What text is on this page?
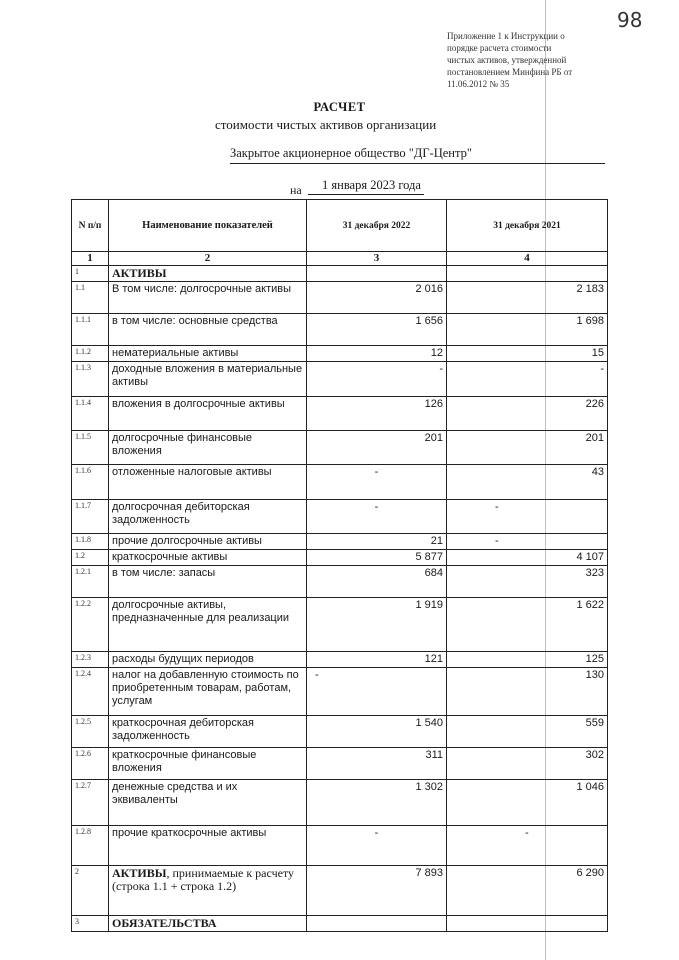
98
Приложение 1 к Инструкции о
порядке расчета стоимости
чистых активов, утвержденной
постановлением Минфина РБ от
11.06.2012 № 35
РАСЧЕТ
стоимости чистых активов организации
Закрытое акционерное общество "ДГ-Центр"
на	1 января 2023 года
N п/п	Наименование показателей	31 декабря 2022	31 декабря 2021
1	2	3	4
1	АКТИВЫ		
1.1	В том числе: долгосрочные активы	2 016	2 183
1.1.1	в том числе: основные средства	1 656	1 698
1.1.2	нематериальные активы	12	15
1.1.3	доходные вложения в материальные активы	-	-
1.1.4	вложения в долгосрочные активы	126	226
1.1.5	долгосрочные финансовые вложения	201	201
1.1.6	отложенные налоговые активы	-	43
1.1.7	долгосрочная дебиторская задолженность	-	-
1.1.8	прочие долгосрочные активы	21	-
1.2	краткосрочные активы	5 877	4 107
1.2.1	в том числе: запасы	684	323
1.2.2	долгосрочные активы, предназначенные для реализации	1 919	1 622
1.2.3	расходы будущих периодов	121	125
1.2.4	налог на добавленную стоимость по приобретенным товарам, работам, услугам	-	130
1.2.5	краткосрочная дебиторская задолженность	1 540	559
1.2.6	краткосрочные финансовые вложения	311	302
1.2.7	денежные средства и их эквиваленты	1 302	1 046
1.2.8	прочие краткосрочные активы	-	-
2	АКТИВЫ, принимаемые к расчету (строка 1.1 + строка 1.2)	7 893	6 290
3	ОБЯЗАТЕЛЬСТВА		
